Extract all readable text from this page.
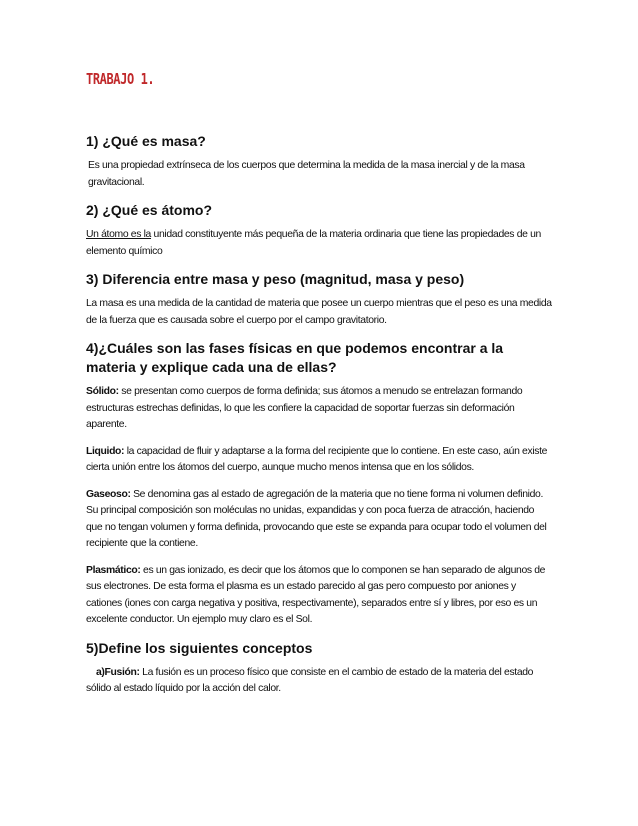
TRABAJO 1.
1) ¿Qué es masa?

Es una propiedad extrínseca de los cuerpos que determina la medida de la masa inercial y de la masa gravitacional.

2) ¿Qué es átomo?

Un átomo es la unidad constituyente más pequeña de la materia ordinaria que tiene las propiedades de un elemento químico

3) Diferencia entre masa y peso (magnitud, masa y peso)

La masa es una medida de la cantidad de materia que posee un cuerpo mientras que el peso es una medida de la fuerza que es causada sobre el cuerpo por el campo gravitatorio.

4)¿Cuáles son las fases físicas en que podemos encontrar a la materia y explique cada una de ellas?

Sólido: se presentan como cuerpos de forma definida; sus átomos a menudo se entrelazan formando estructuras estrechas definidas, lo que les confiere la capacidad de soportar fuerzas sin deformación aparente.

Liquido: la capacidad de fluir y adaptarse a la forma del recipiente que lo contiene. En este caso, aún existe cierta unión entre los átomos del cuerpo, aunque mucho menos intensa que en los sólidos.

Gaseoso: Se denomina gas al estado de agregación de la materia que no tiene forma ni volumen definido. Su principal composición son moléculas no unidas, expandidas y con poca fuerza de atracción, haciendo que no tengan volumen y forma definida, provocando que este se expanda para ocupar todo el volumen del recipiente que la contiene.

Plasmático: es un gas ionizado, es decir que los átomos que lo componen se han separado de algunos de sus electrones. De esta forma el plasma es un estado parecido al gas pero compuesto por aniones y cationes (iones con carga negativa y positiva, respectivamente), separados entre sí y libres, por eso es un excelente conductor. Un ejemplo muy claro es el Sol.

5)Define los siguientes conceptos

a)Fusión: La fusión es un proceso físico que consiste en el cambio de estado de la materia del estado sólido al estado líquido por la acción del calor.
